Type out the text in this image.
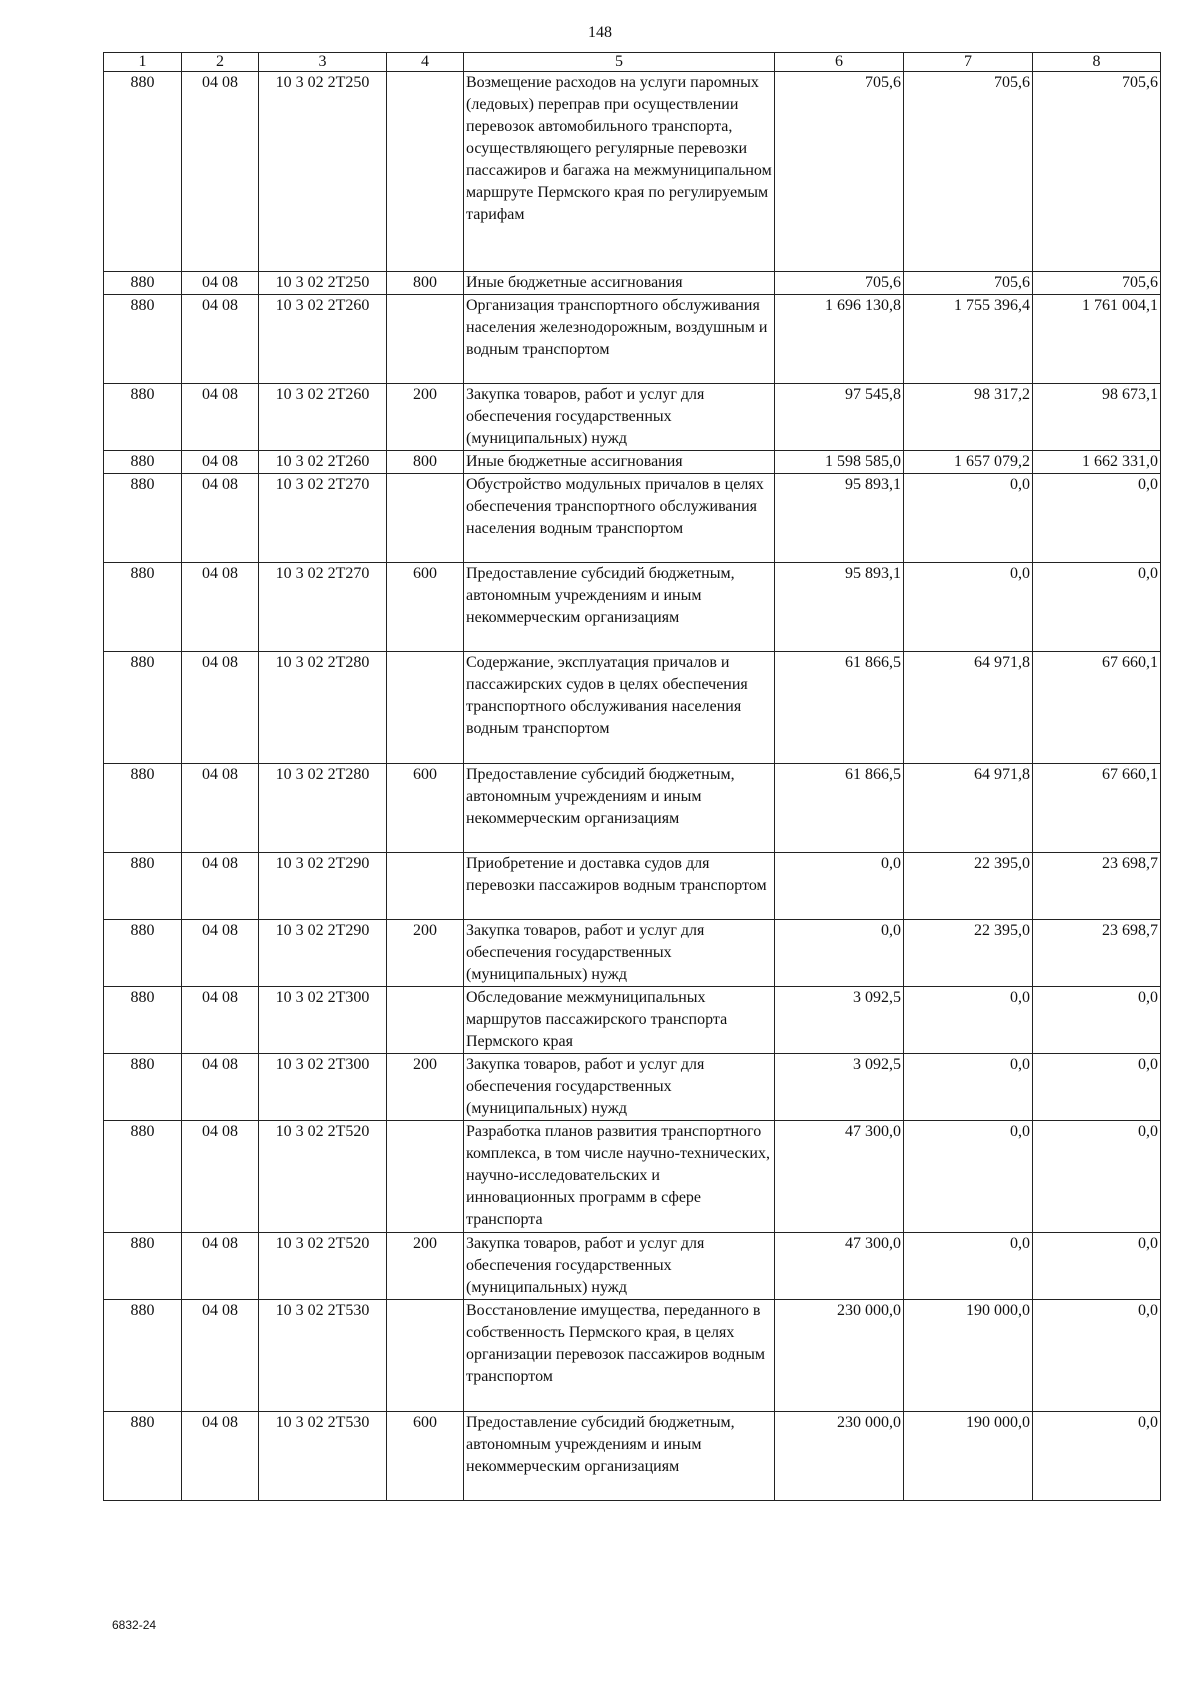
148
1	2	3	4	5	6	7	8
880	04 08	10 3 02 2Т250		Возмещение расходов на услуги паромных (ледовых) переправ при осуществлении перевозок автомобильного транспорта, осуществляющего регулярные перевозки пассажиров и багажа на межмуниципальном маршруте Пермского края по регулируемым тарифам	705,6	705,6	705,6
880	04 08	10 3 02 2Т250	800	Иные бюджетные ассигнования	705,6	705,6	705,6
880	04 08	10 3 02 2Т260		Организация транспортного обслуживания населения железнодорожным, воздушным и водным транспортом	1 696 130,8	1 755 396,4	1 761 004,1
880	04 08	10 3 02 2Т260	200	Закупка товаров, работ и услуг для обеспечения государственных (муниципальных) нужд	97 545,8	98 317,2	98 673,1
880	04 08	10 3 02 2Т260	800	Иные бюджетные ассигнования	1 598 585,0	1 657 079,2	1 662 331,0
880	04 08	10 3 02 2Т270		Обустройство модульных причалов в целях обеспечения транспортного обслуживания населения водным транспортом	95 893,1	0,0	0,0
880	04 08	10 3 02 2Т270	600	Предоставление субсидий бюджетным, автономным учреждениям и иным некоммерческим организациям	95 893,1	0,0	0,0
880	04 08	10 3 02 2Т280		Содержание, эксплуатация причалов и пассажирских судов в целях обеспечения транспортного обслуживания населения водным транспортом	61 866,5	64 971,8	67 660,1
880	04 08	10 3 02 2Т280	600	Предоставление субсидий бюджетным, автономным учреждениям и иным некоммерческим организациям	61 866,5	64 971,8	67 660,1
880	04 08	10 3 02 2Т290		Приобретение и доставка судов для перевозки пассажиров водным транспортом	0,0	22 395,0	23 698,7
880	04 08	10 3 02 2Т290	200	Закупка товаров, работ и услуг для обеспечения государственных (муниципальных) нужд	0,0	22 395,0	23 698,7
880	04 08	10 3 02 2Т300		Обследование межмуниципальных маршрутов пассажирского транспорта Пермского края	3 092,5	0,0	0,0
880	04 08	10 3 02 2Т300	200	Закупка товаров, работ и услуг для обеспечения государственных (муниципальных) нужд	3 092,5	0,0	0,0
880	04 08	10 3 02 2Т520		Разработка планов развития транспортного комплекса, в том числе научно-технических, научно-исследовательских и инновационных программ в сфере транспорта	47 300,0	0,0	0,0
880	04 08	10 3 02 2Т520	200	Закупка товаров, работ и услуг для обеспечения государственных (муниципальных) нужд	47 300,0	0,0	0,0
880	04 08	10 3 02 2Т530		Восстановление имущества, переданного в собственность Пермского края, в целях организации перевозок пассажиров водным транспортом	230 000,0	190 000,0	0,0
880	04 08	10 3 02 2Т530	600	Предоставление субсидий бюджетным, автономным учреждениям и иным некоммерческим организациям	230 000,0	190 000,0	0,0
6832-24
